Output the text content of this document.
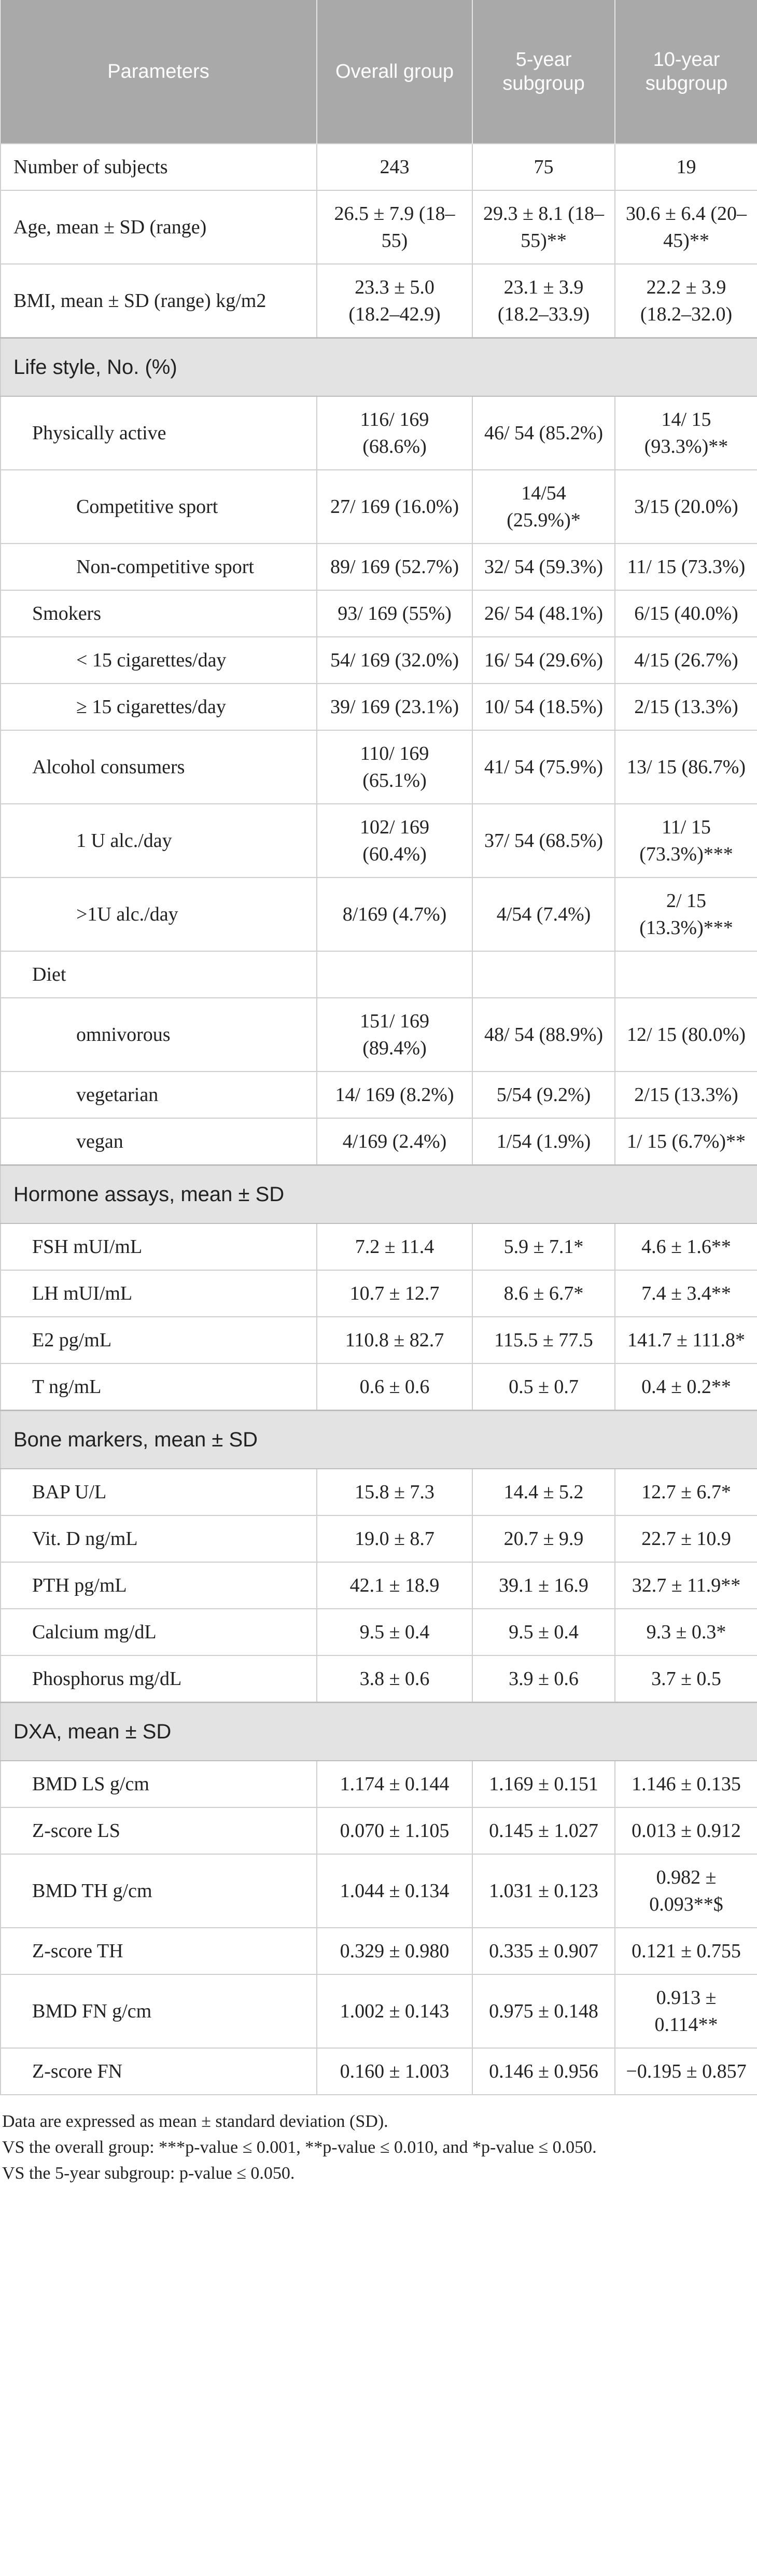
Parameters	Overall group	5-year subgroup	10-year subgroup
Number of subjects	243	75	19
Age, mean ± SD (range)	26.5 ± 7.9 (18–55)	29.3 ± 8.1 (18–55)**	30.6 ± 6.4 (20–45)**
BMI, mean ± SD (range) kg/m2	23.3 ± 5.0 (18.2–42.9)	23.1 ± 3.9 (18.2–33.9)	22.2 ± 3.9 (18.2–32.0)
Life style, No. (%)			
Physically active	116/ 169 (68.6%)	46/ 54 (85.2%)	14/ 15 (93.3%)**
Competitive sport	27/ 169 (16.0%)	14/54 (25.9%)*	3/15 (20.0%)
Non-competitive sport	89/ 169 (52.7%)	32/ 54 (59.3%)	11/ 15 (73.3%)
Smokers	93/ 169 (55%)	26/ 54 (48.1%)	6/15 (40.0%)
< 15 cigarettes/day	54/ 169 (32.0%)	16/ 54 (29.6%)	4/15 (26.7%)
≥ 15 cigarettes/day	39/ 169 (23.1%)	10/ 54 (18.5%)	2/15 (13.3%)
Alcohol consumers	110/ 169 (65.1%)	41/ 54 (75.9%)	13/ 15 (86.7%)
1 U alc./day	102/ 169 (60.4%)	37/ 54 (68.5%)	11/ 15 (73.3%)***
>1U alc./day	8/169 (4.7%)	4/54 (7.4%)	2/ 15 (13.3%)***
Diet			
omnivorous	151/ 169 (89.4%)	48/ 54 (88.9%)	12/ 15 (80.0%)
vegetarian	14/ 169 (8.2%)	5/54 (9.2%)	2/15 (13.3%)
vegan	4/169 (2.4%)	1/54 (1.9%)	1/ 15 (6.7%)**
Hormone assays, mean ± SD			
FSH mUI/mL	7.2 ± 11.4	5.9 ± 7.1*	4.6 ± 1.6**
LH mUI/mL	10.7 ± 12.7	8.6 ± 6.7*	7.4 ± 3.4**
E2 pg/mL	110.8 ± 82.7	115.5 ± 77.5	141.7 ± 111.8*
T ng/mL	0.6 ± 0.6	0.5 ± 0.7	0.4 ± 0.2**
Bone markers, mean ± SD			
BAP U/L	15.8 ± 7.3	14.4 ± 5.2	12.7 ± 6.7*
Vit. D ng/mL	19.0 ± 8.7	20.7 ± 9.9	22.7 ± 10.9
PTH pg/mL	42.1 ± 18.9	39.1 ± 16.9	32.7 ± 11.9**
Calcium mg/dL	9.5 ± 0.4	9.5 ± 0.4	9.3 ± 0.3*
Phosphorus mg/dL	3.8 ± 0.6	3.9 ± 0.6	3.7 ± 0.5
DXA, mean ± SD			
BMD LS g/cm	1.174 ± 0.144	1.169 ± 0.151	1.146 ± 0.135
Z-score LS	0.070 ± 1.105	0.145 ± 1.027	0.013 ± 0.912
BMD TH g/cm	1.044 ± 0.134	1.031 ± 0.123	0.982 ± 0.093**$
Z-score TH	0.329 ± 0.980	0.335 ± 0.907	0.121 ± 0.755
BMD FN g/cm	1.002 ± 0.143	0.975 ± 0.148	0.913 ± 0.114**
Z-score FN	0.160 ± 1.003	0.146 ± 0.956	−0.195 ± 0.857

Data are expressed as mean ± standard deviation (SD).

VS the overall group: ***p-value ≤ 0.001, **p-value ≤ 0.010, and *p-value ≤ 0.050.

VS the 5-year subgroup: p-value ≤ 0.050.
